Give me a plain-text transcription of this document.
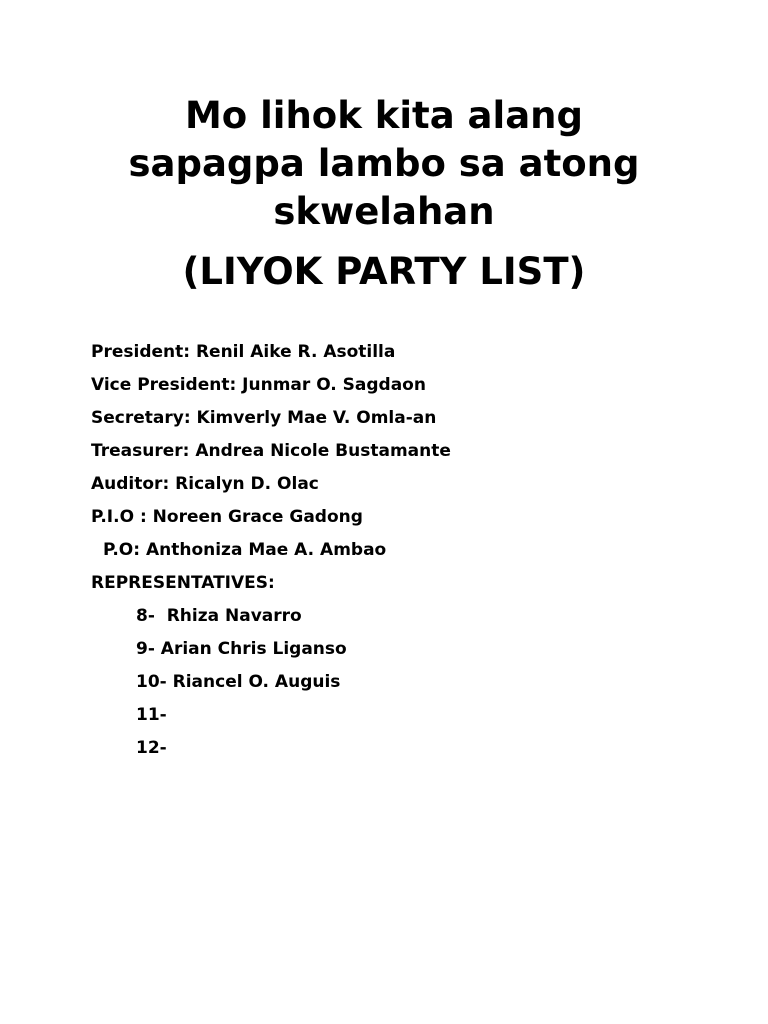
Mo lihok kita alang
sapagpa lambo sa atong
skwelahan
(LIYOK PARTY LIST)
President: Renil Aike R. Asotilla
Vice President: Junmar O. Sagdaon
Secretary: Kimverly Mae V. Omla-an
Treasurer: Andrea Nicole Bustamante
Auditor: Ricalyn D. Olac
P.I.O : Noreen Grace Gadong
P.O: Anthoniza Mae A. Ambao
REPRESENTATIVES:
8-  Rhiza Navarro
9- Arian Chris Liganso
10- Riancel O. Auguis
11-
12-
